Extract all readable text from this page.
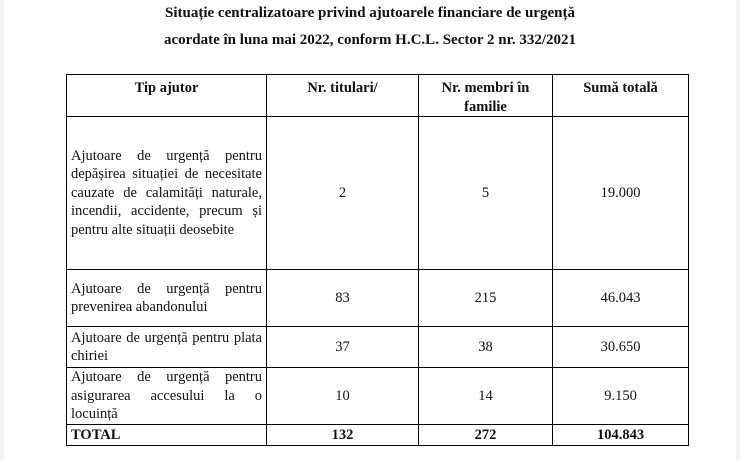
Situație centralizatoare privind ajutoarele financiare de urgență
acordate în luna mai 2022, conform H.C.L. Sector 2 nr. 332/2021
Tip ajutor	Nr. titulari/	Nr. membri în familie	Sumă totală
Ajutoare de urgență pentru depășirea situației de necesitate cauzate de calamități naturale, incendii, accidente, precum și pentru alte situații deosebite	2	5	19.000
Ajutoare de urgență pentru prevenirea abandonului	83	215	46.043
Ajutoare de urgență pentru plata chiriei	37	38	30.650
Ajutoare de urgență pentru asigurarea accesului la o locuință	10	14	9.150
TOTAL	132	272	104.843
